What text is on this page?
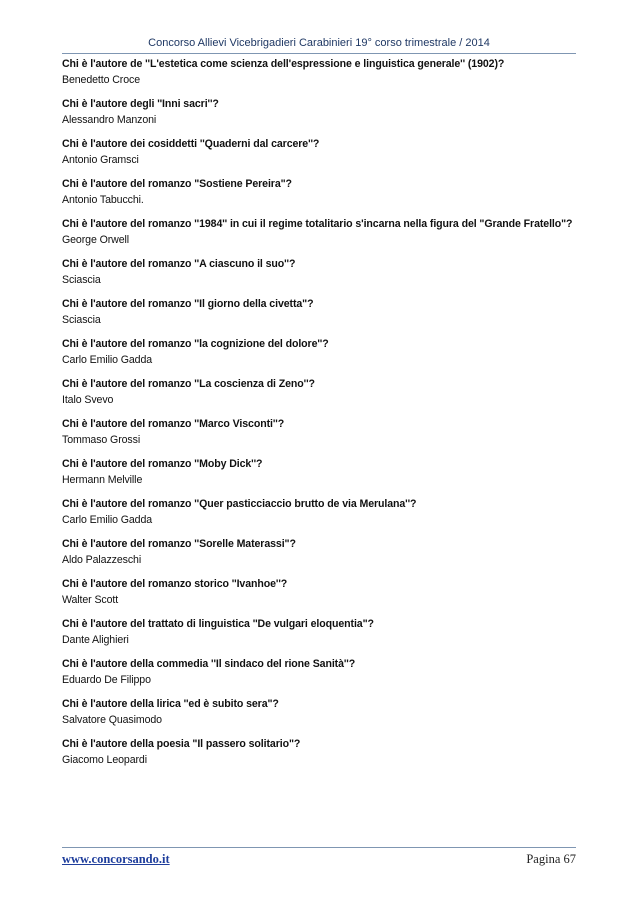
Concorso Allievi Vicebrigadieri Carabinieri 19° corso trimestrale / 2014
Chi è l'autore de ''L'estetica come scienza dell'espressione e linguistica generale'' (1902)?
Benedetto Croce
Chi è l'autore degli ''Inni sacri''?
Alessandro Manzoni
Chi è l'autore dei cosiddetti ''Quaderni dal carcere''?
Antonio Gramsci
Chi è l'autore del romanzo "Sostiene Pereira"?
Antonio Tabucchi.
Chi è l'autore del romanzo ''1984'' in cui il regime totalitario s'incarna nella figura del "Grande Fratello"?
George Orwell
Chi è l'autore del romanzo ''A ciascuno il suo''?
Sciascia
Chi è l'autore del romanzo ''Il giorno della civetta"?
Sciascia
Chi è l'autore del romanzo ''la cognizione del dolore''?
Carlo Emilio Gadda
Chi è l'autore del romanzo ''La coscienza di Zeno''?
Italo Svevo
Chi è l'autore del romanzo ''Marco Visconti''?
Tommaso Grossi
Chi è l'autore del romanzo ''Moby Dick''?
Hermann Melville
Chi è l'autore del romanzo ''Quer pasticciaccio brutto de via Merulana''?
Carlo Emilio Gadda
Chi è l'autore del romanzo ''Sorelle Materassi"?
Aldo Palazzeschi
Chi è l'autore del romanzo storico ''Ivanhoe''?
Walter Scott
Chi è l'autore del trattato di linguistica ''De vulgari eloquentia"?
Dante Alighieri
Chi è l'autore della commedia ''Il sindaco del rione Sanità''?
Eduardo De Filippo
Chi è l'autore della lirica ''ed è subito sera"?
Salvatore Quasimodo
Chi è l'autore della poesia "Il passero solitario"?
Giacomo Leopardi
www.concorsando.it	Pagina 67
